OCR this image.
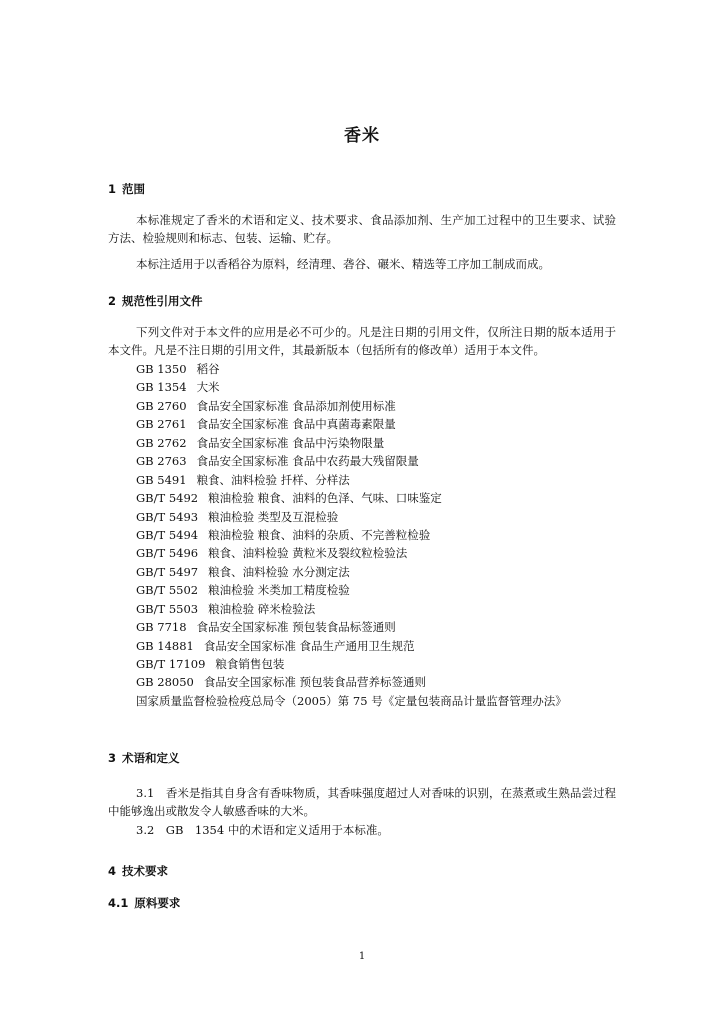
香米
1 范围
本标准规定了香米的术语和定义、技术要求、食品添加剂、生产加工过程中的卫生要求、试验方法、检验规则和标志、包装、运输、贮存。
本标注适用于以香稻谷为原料，经清理、砻谷、碾米、精选等工序加工制成而成。
2 规范性引用文件
下列文件对于本文件的应用是必不可少的。凡是注日期的引用文件，仅所注日期的版本适用于本文件。凡是不注日期的引用文件，其最新版本（包括所有的修改单）适用于本文件。
GB 1350 稻谷
GB 1354 大米
GB 2760 食品安全国家标准 食品添加剂使用标准
GB 2761 食品安全国家标准 食品中真菌毒素限量
GB 2762 食品安全国家标准 食品中污染物限量
GB 2763 食品安全国家标准 食品中农药最大残留限量
GB 5491 粮食、油料检验 扦样、分样法
GB/T 5492 粮油检验 粮食、油料的色泽、气味、口味鉴定
GB/T 5493 粮油检验 类型及互混检验
GB/T 5494 粮油检验 粮食、油料的杂质、不完善粒检验
GB/T 5496 粮食、油料检验 黄粒米及裂纹粒检验法
GB/T 5497 粮食、油料检验 水分测定法
GB/T 5502 粮油检验 米类加工精度检验
GB/T 5503 粮油检验 碎米检验法
GB 7718 食品安全国家标准 预包装食品标签通则
GB 14881 食品安全国家标准 食品生产通用卫生规范
GB/T 17109 粮食销售包装
GB 28050 食品安全国家标准 预包装食品营养标签通则
国家质量监督检验检疫总局令（2005）第 75 号《定量包装商品计量监督管理办法》
3 术语和定义
3.1　香米是指其自身含有香味物质，其香味强度超过人对香味的识别，在蒸煮或生熟品尝过程中能够逸出或散发令人敏感香味的大米。
3.2　GB　1354 中的术语和定义适用于本标准。
4 技术要求
4.1 原料要求
1
